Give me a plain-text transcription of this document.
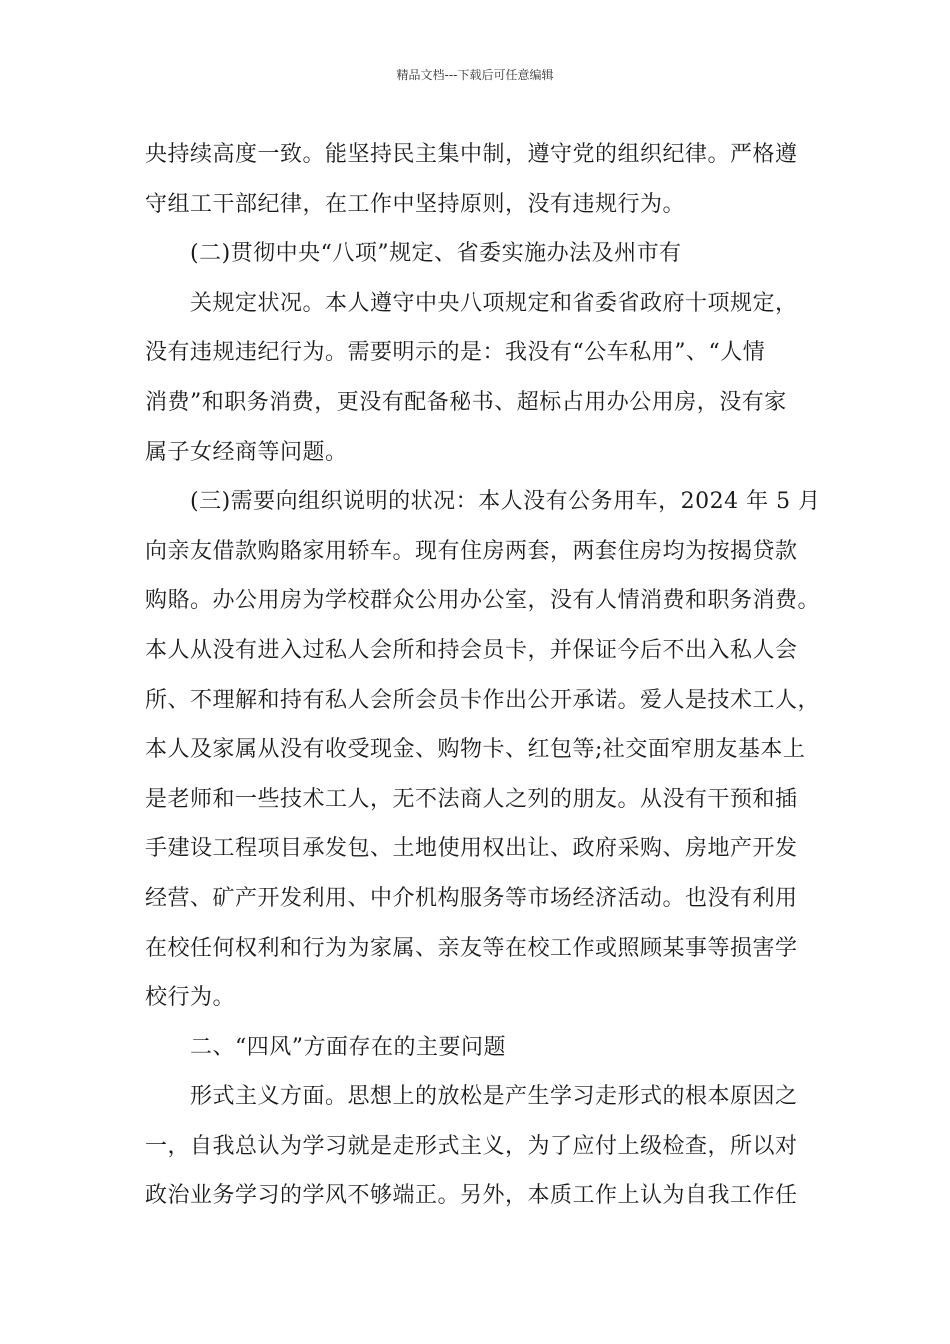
精品文档---下载后可任意编辑
央持续高度一致。能坚持民主集中制，遵守党的组织纪律。严格遵
守组工干部纪律，在工作中坚持原则，没有违规行为。
(二)贯彻中央“八项”规定、省委实施办法及州市有
关规定状况。本人遵守中央八项规定和省委省政府十项规定，
没有违规违纪行为。需要明示的是：我没有“公车私用”、“人情
消费”和职务消费，更没有配备秘书、超标占用办公用房，没有家
属子女经商等问题。
(三)需要向组织说明的状况：本人没有公务用车，2024 年 5 月
向亲友借款购賂家用轿车。现有住房两套，两套住房均为按揭贷款
购賂。办公用房为学校群众公用办公室，没有人情消费和职务消费。
本人从没有进入过私人会所和持会员卡，并保证今后不出入私人会
所、不理解和持有私人会所会员卡作出公开承诺。爱人是技术工人，
本人及家属从没有收受现金、购物卡、红包等;社交面窄朋友基本上
是老师和一些技术工人，无不法商人之列的朋友。从没有干预和插
手建设工程项目承发包、土地使用权出让、政府采购、房地产开发
经营、矿产开发利用、中介机构服务等市场经济活动。也没有利用
在校任何权利和行为为家属、亲友等在校工作或照顾某事等损害学
校行为。
二、“四风”方面存在的主要问题
形式主义方面。思想上的放松是产生学习走形式的根本原因之
一，自我总认为学习就是走形式主义，为了应付上级检查，所以对
政治业务学习的学风不够端正。另外，本质工作上认为自我工作任
